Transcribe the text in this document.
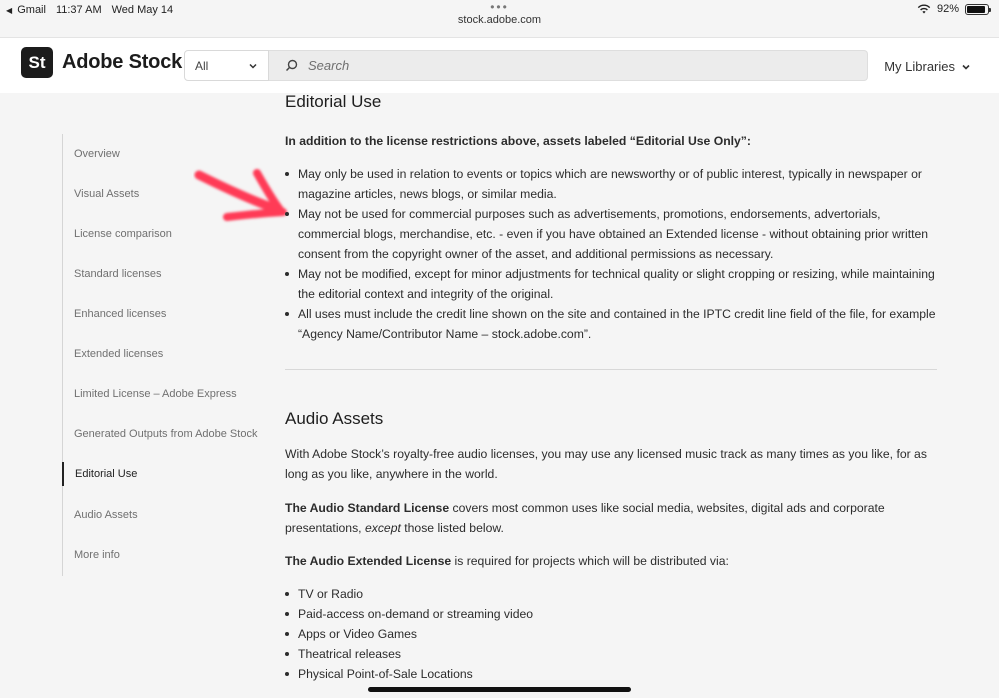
◀ Gmail 11:37 AM Wed May 14	•••
stock.adobe.com
92%
St Adobe Stock All
Search	My Libraries
Overview
Visual Assets
License comparison
Standard licenses
Enhanced licenses
Extended licenses
Limited License – Adobe Express
Generated Outputs from Adobe Stock
Editorial Use
Audio Assets
More info
Editorial Use

In addition to the license restrictions above, assets labeled “Editorial Use Only”:

May only be used in relation to events or topics which are newsworthy or of public interest, typically in newspaper or magazine articles, news blogs, or similar media.
May not be used for commercial purposes such as advertisements, promotions, endorsements, advertorials, commercial blogs, merchandise, etc. - even if you have obtained an Extended license - without obtaining prior written consent from the copyright owner of the asset, and additional permissions as necessary.
May not be modified, except for minor adjustments for technical quality or slight cropping or resizing, while maintaining the editorial context and integrity of the original.
All uses must include the credit line shown on the site and contained in the IPTC credit line field of the file, for example “Agency Name/Contributor Name – stock.adobe.com”.
Audio Assets

With Adobe Stock’s royalty-free audio licenses, you may use any licensed music track as many times as you like, for as long as you like, anywhere in the world.

The Audio Standard License covers most common uses like social media, websites, digital ads and corporate presentations, except those listed below.

The Audio Extended License is required for projects which will be distributed via:

TV or Radio
Paid-access on-demand or streaming video
Apps or Video Games
Theatrical releases
Physical Point-of-Sale Locations
